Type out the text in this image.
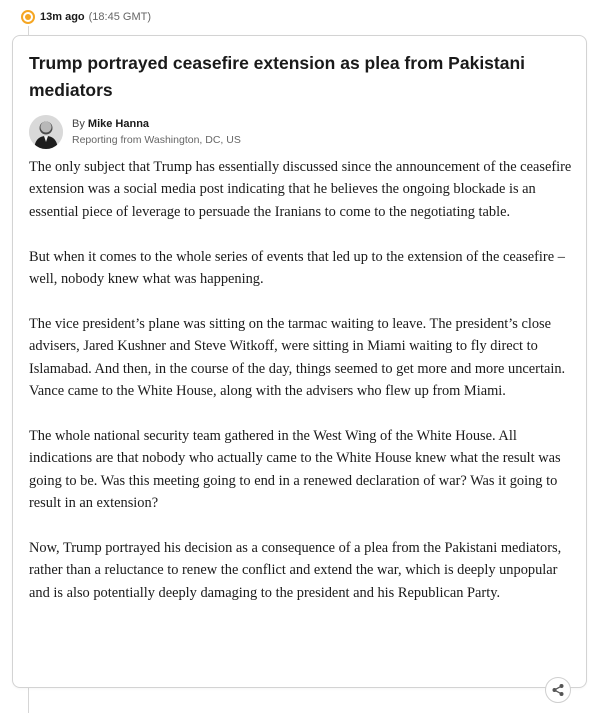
13m ago (18:45 GMT)
Trump portrayed ceasefire extension as plea from Pakistani mediators
By Mike Hanna
Reporting from Washington, DC, US

The only subject that Trump has essentially discussed since the announcement of the ceasefire extension was a social media post indicating that he believes the ongoing blockade is an essential piece of leverage to persuade the Iranians to come to the negotiating table.

But when it comes to the whole series of events that led up to the extension of the ceasefire – well, nobody knew what was happening.

The vice president’s plane was sitting on the tarmac waiting to leave. The president’s close advisers, Jared Kushner and Steve Witkoff, were sitting in Miami waiting to fly direct to Islamabad. And then, in the course of the day, things seemed to get more and more uncertain. Vance came to the White House, along with the advisers who flew up from Miami.

The whole national security team gathered in the West Wing of the White House. All indications are that nobody who actually came to the White House knew what the result was going to be. Was this meeting going to end in a renewed declaration of war? Was it going to result in an extension?

Now, Trump portrayed his decision as a consequence of a plea from the Pakistani mediators, rather than a reluctance to renew the conflict and extend the war, which is deeply unpopular and is also potentially deeply damaging to the president and his Republican Party.
